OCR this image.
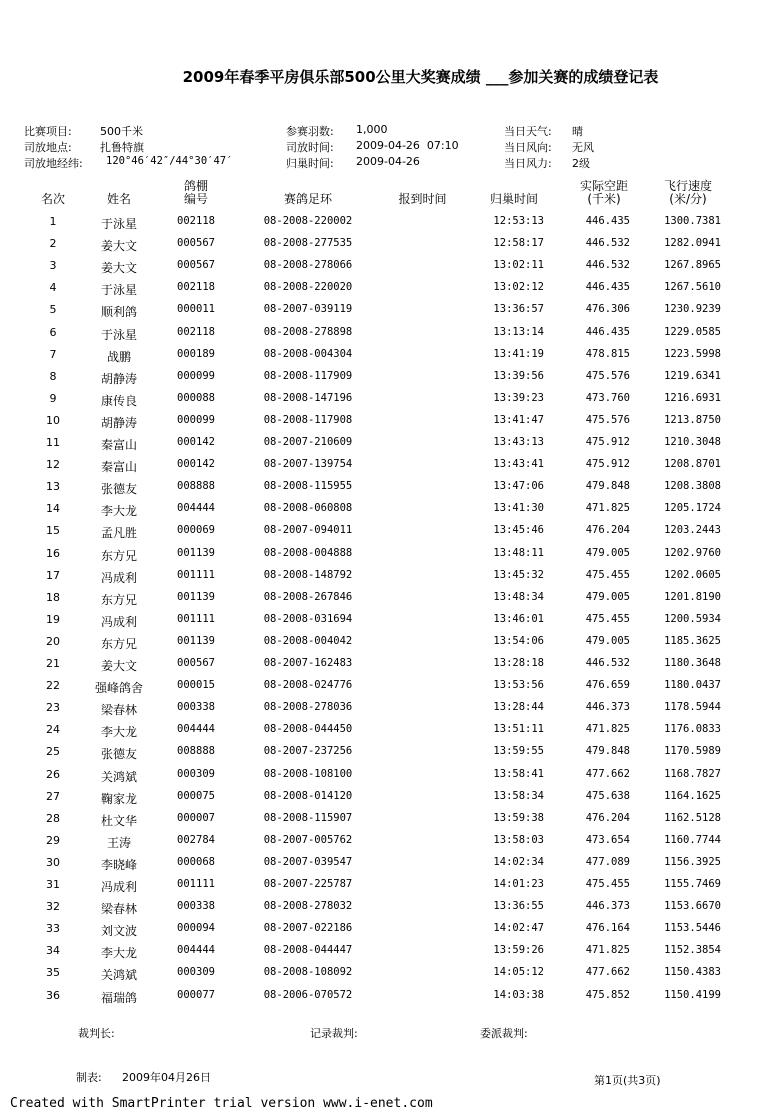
2009年春季平房俱乐部500公里大奖赛成绩 ___参加关赛的成绩登记表
比赛项目:	500千米
司放地点:	扎鲁特旗
司放地经纬: 120°46′42″/44°30′47′
参赛羽数: 1,000
司放时间: 2009-04-26  07:10
归巢时间: 2009-04-26
当日天气: 晴
当日风向: 无风
当日风力: 2级
名次	姓名
鸽棚
编号	赛鸽足环	报到时间	归巢时间
实际空距
(千米)
飞行速度
(米/分)
1	于泳星	002118	08-2008-220002	12:53:13	446.435	1300.7381
2	姜大文	000567	08-2008-277535	12:58:17	446.532	1282.0941
3	姜大文	000567	08-2008-278066	13:02:11	446.532	1267.8965
4	于泳星	002118	08-2008-220020	13:02:12	446.435	1267.5610
5	顺利鸽	000011	08-2007-039119	13:36:57	476.306	1230.9239
6	于泳星	002118	08-2008-278898	13:13:14	446.435	1229.0585
7	战鹏	000189	08-2008-004304	13:41:19	478.815	1223.5998
8	胡静涛	000099	08-2008-117909	13:39:56	475.576	1219.6341
9	康传良	000088	08-2008-147196	13:39:23	473.760	1216.6931
10	胡静涛	000099	08-2008-117908	13:41:47	475.576	1213.8750
11	秦富山	000142	08-2007-210609	13:43:13	475.912	1210.3048
12	秦富山	000142	08-2007-139754	13:43:41	475.912	1208.8701
13	张德友	008888	08-2008-115955	13:47:06	479.848	1208.3808
14	李大龙	004444	08-2008-060808	13:41:30	471.825	1205.1724
15	孟凡胜	000069	08-2007-094011	13:45:46	476.204	1203.2443
16	东方兄	001139	08-2008-004888	13:48:11	479.005	1202.9760
17	冯成利	001111	08-2008-148792	13:45:32	475.455	1202.0605
18	东方兄	001139	08-2008-267846	13:48:34	479.005	1201.8190
19	冯成利	001111	08-2008-031694	13:46:01	475.455	1200.5934
20	东方兄	001139	08-2008-004042	13:54:06	479.005	1185.3625
21	姜大文	000567	08-2007-162483	13:28:18	446.532	1180.3648
22	强峰鸽舍	000015	08-2008-024776	13:53:56	476.659	1180.0437
23	梁春林	000338	08-2008-278036	13:28:44	446.373	1178.5944
24	李大龙	004444	08-2008-044450	13:51:11	471.825	1176.0833
25	张德友	008888	08-2007-237256	13:59:55	479.848	1170.5989
26	关鸿斌	000309	08-2008-108100	13:58:41	477.662	1168.7827
27	鞠家龙	000075	08-2008-014120	13:58:34	475.638	1164.1625
28	杜文华	000007	08-2008-115907	13:59:38	476.204	1162.5128
29	王涛	002784	08-2007-005762	13:58:03	473.654	1160.7744
30	李晓峰	000068	08-2007-039547	14:02:34	477.089	1156.3925
31	冯成利	001111	08-2007-225787	14:01:23	475.455	1155.7469
32	梁春林	000338	08-2008-278032	13:36:55	446.373	1153.6670
33	刘文波	000094	08-2007-022186	14:02:47	476.164	1153.5446
34	李大龙	004444	08-2008-044447	13:59:26	471.825	1152.3854
35	关鸿斌	000309	08-2008-108092	14:05:12	477.662	1150.4383
36	福瑞鸽	000077	08-2006-070572	14:03:38	475.852	1150.4199
裁判长:	记录裁判:	委派裁判:
制表: 2009年04月26日	第1页(共3页)
Created with SmartPrinter trial version www.i-enet.com
